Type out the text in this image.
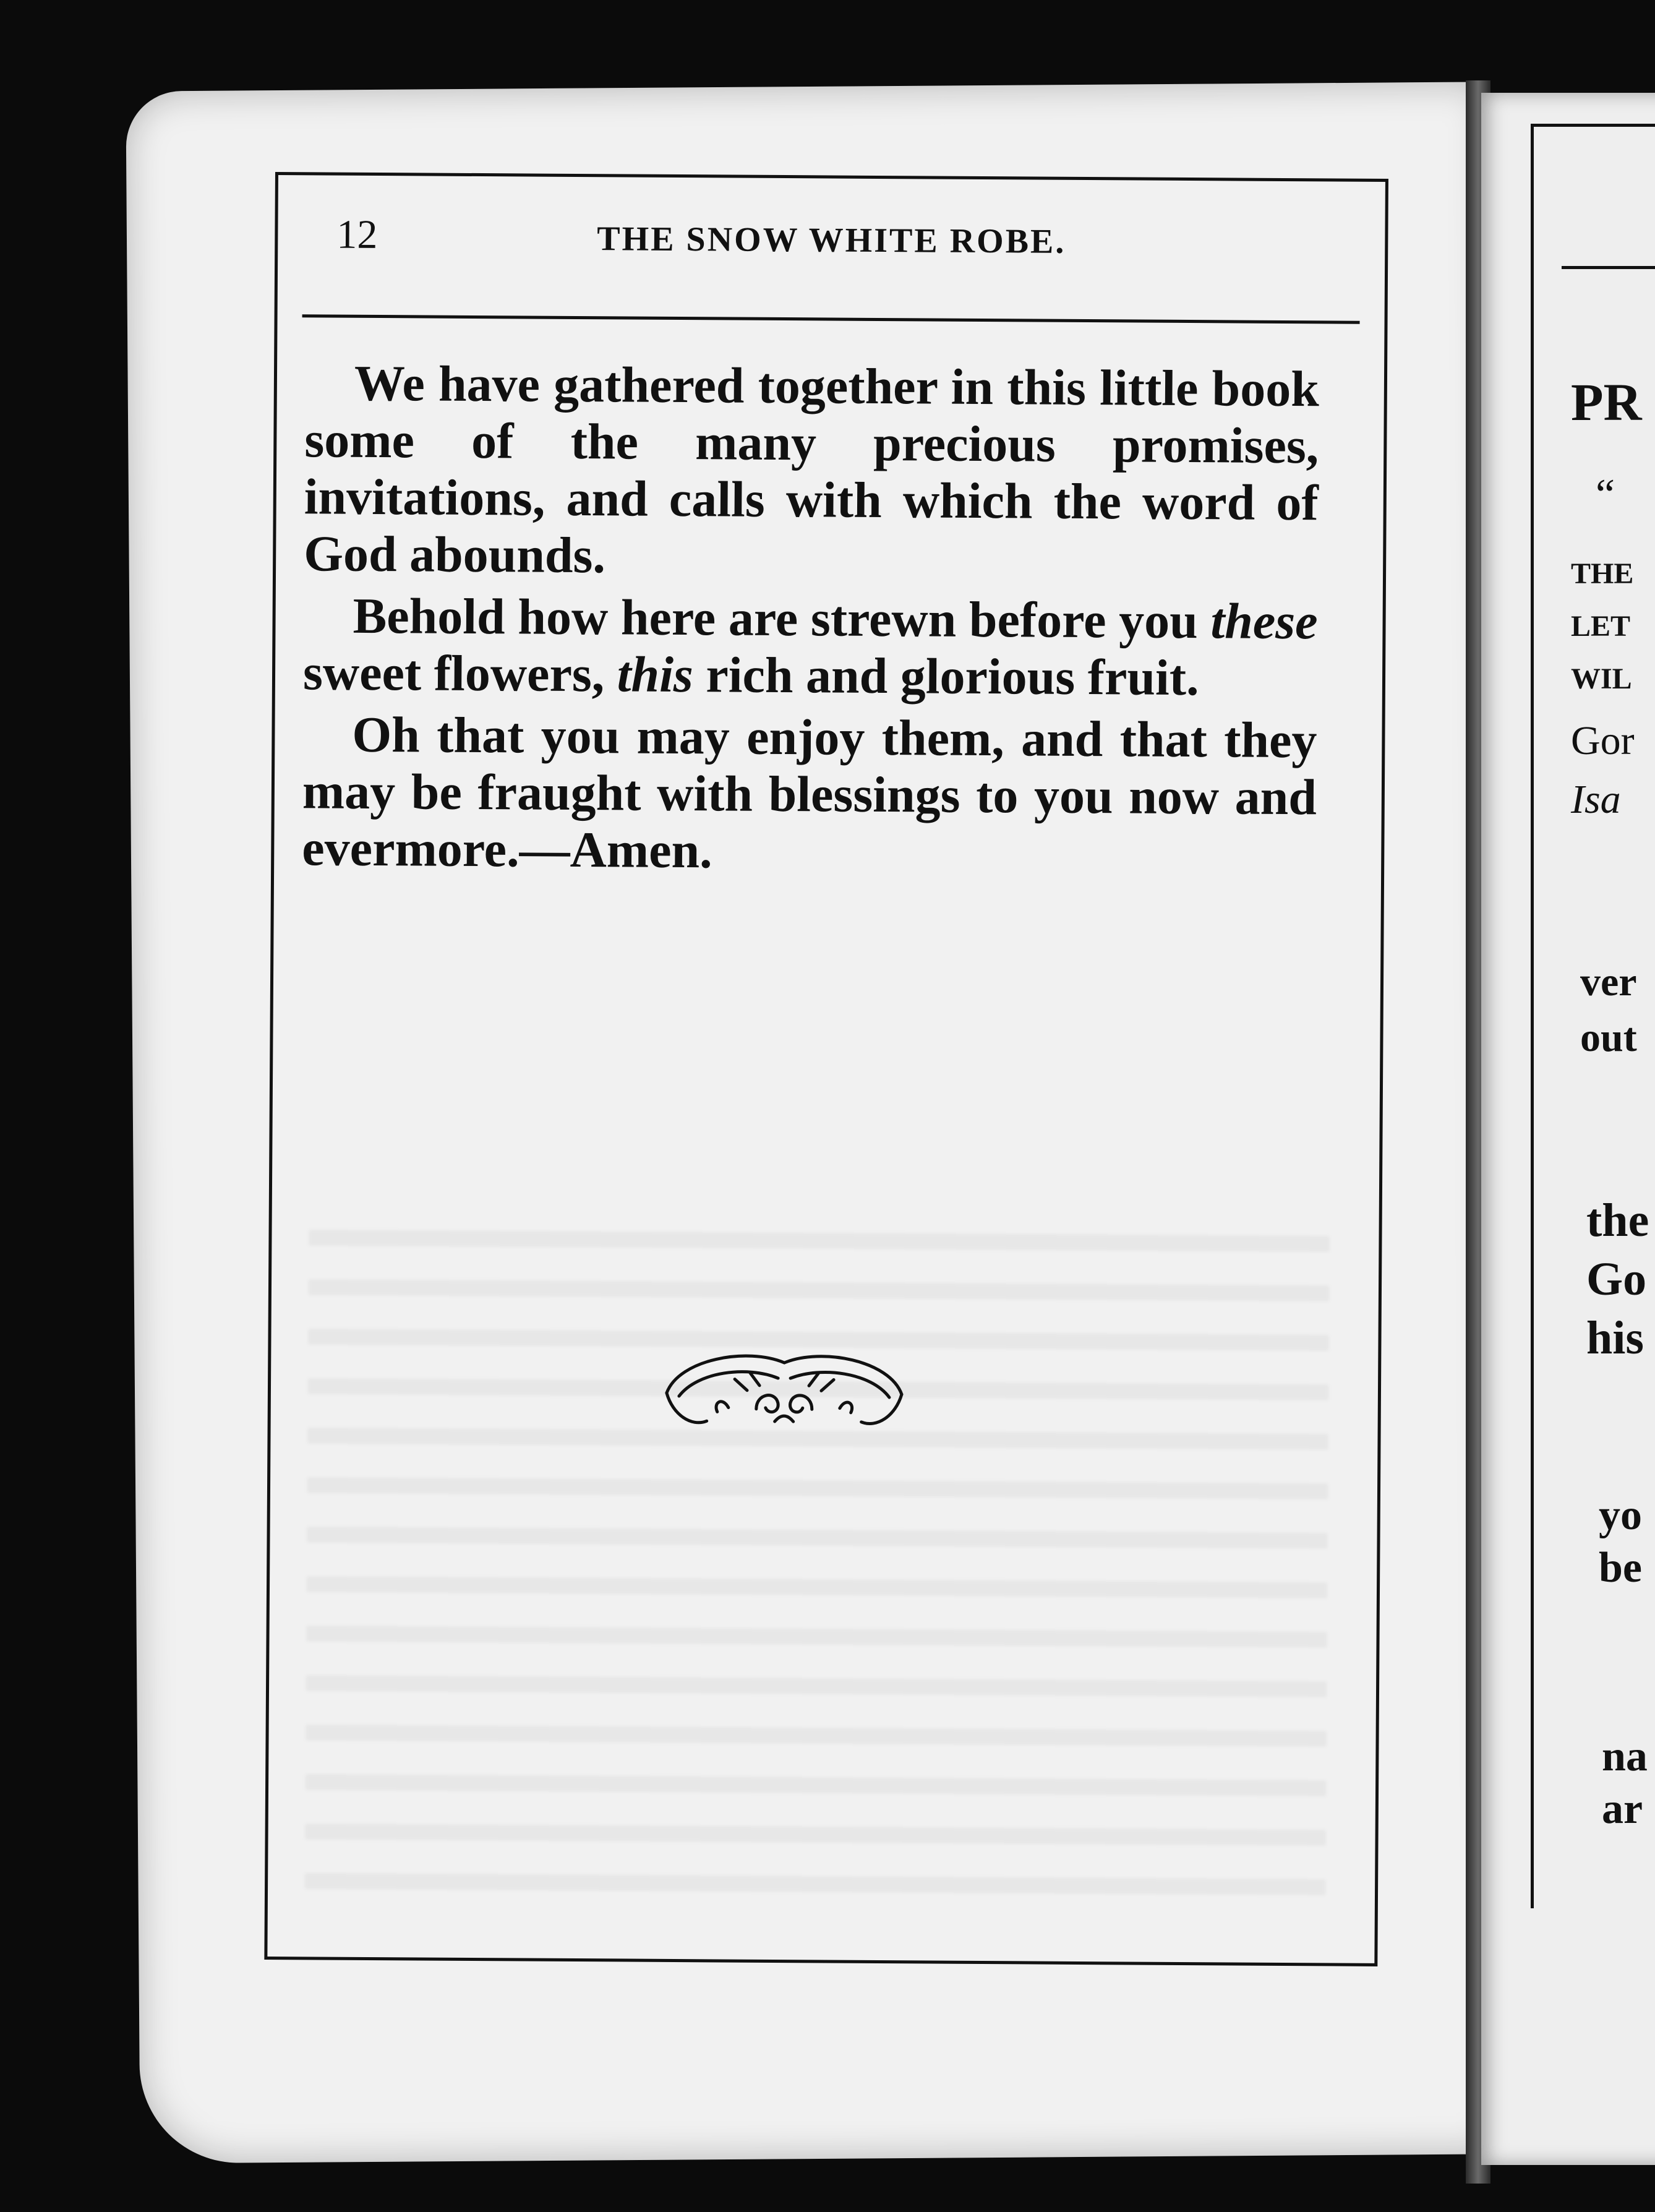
12	THE SNOW WHITE ROBE.

We have gathered together in this little book some of the many precious promises, invitations, and calls with which the word of God abounds.

Behold how here are strewn before you these sweet flowers, this rich and glorious fruit.

Oh that you may enjoy them, and that they may be fraught with blessings to you now and evermore.—Amen.

PR
“
THE
LET
WIL
Gor
Isa
ver
out
the
Go
his
yo
be
na
ar
